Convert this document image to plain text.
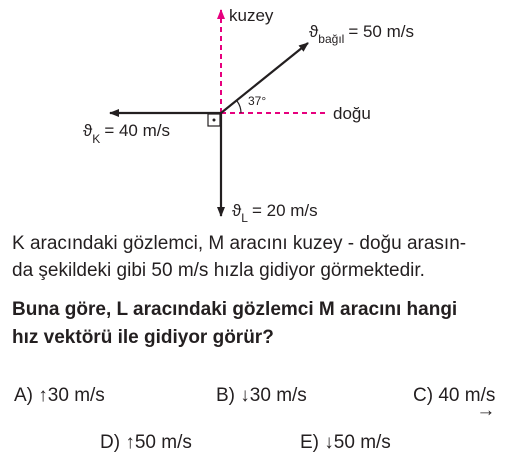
kuzey
doğu
37°
$ϑ_{bağıl} = 50$ m/s
$ϑ_K = 40$ m/s
$ϑ_L = 20$ m/s
K aracındaki gözlemci, M aracını kuzey - doğu arasın-
da şekildeki gibi 50 m/s hızla gidiyor görmektedir.
Buna göre, L aracındaki gözlemci M aracını hangi
hız vektörü ile gidiyor görür?
A) ↑30 m/s	B) ↓30 m/s	C) 40 m/s
→
D) ↑50 m/s	E) ↓50 m/s
